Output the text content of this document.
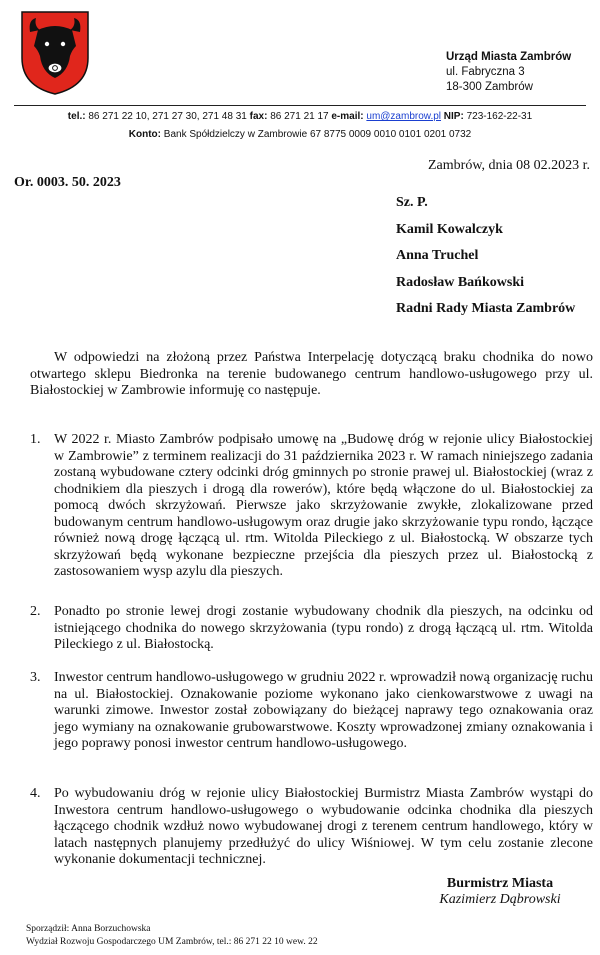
Urząd Miasta Zambrów
ul. Fabryczna 3
18-300 Zambrów
tel.: 86 271 22 10, 271 27 30, 271 48 31 fax: 86 271 21 17 e-mail: um@zambrow.pl NIP: 723-162-22-31
Konto: Bank Spółdzielczy w Zambrowie 67 8775 0009 0010 0101 0201 0732
Zambrów, dnia 08 02.2023 r.
Or. 0003. 50. 2023
Sz. P.
Kamil Kowalczyk
Anna Truchel
Radosław Bańkowski
Radni Rady Miasta Zambrów
W odpowiedzi na złożoną przez Państwa Interpelację dotyczącą braku chodnika do nowo otwartego sklepu Biedronka na terenie budowanego centrum handlowo-usługowego przy ul. Białostockiej w Zambrowie informuję co następuje.
1. W 2022 r. Miasto Zambrów podpisało umowę na „Budowę dróg w rejonie ulicy Białostockiej w Zambrowie” z terminem realizacji do 31 października 2023 r. W ramach niniejszego zadania zostaną wybudowane cztery odcinki dróg gminnych po stronie prawej ul. Białostockiej (wraz z chodnikiem dla pieszych i drogą dla rowerów), które będą włączone do ul. Białostockiej za pomocą dwóch skrzyżowań. Pierwsze jako skrzyżowanie zwykłe, zlokalizowane przed budowanym centrum handlowo-usługowym oraz drugie jako skrzyżowanie typu rondo, łączące również nową drogę łączącą ul. rtm. Witolda Pileckiego z ul. Białostocką. W obszarze tych skrzyżowań będą wykonane bezpieczne przejścia dla pieszych przez ul. Białostocką z zastosowaniem wysp azylu dla pieszych.
2. Ponadto po stronie lewej drogi zostanie wybudowany chodnik dla pieszych, na odcinku od istniejącego chodnika do nowego skrzyżowania (typu rondo) z drogą łączącą ul. rtm. Witolda Pileckiego z ul. Białostocką.
3. Inwestor centrum handlowo-usługowego w grudniu 2022 r. wprowadził nową organizację ruchu na ul. Białostockiej. Oznakowanie poziome wykonano jako cienkowarstwowe z uwagi na warunki zimowe. Inwestor został zobowiązany do bieżącej naprawy tego oznakowania oraz jego wymiany na oznakowanie grubowarstwowe. Koszty wprowadzonej zmiany oznakowania i jego poprawy ponosi inwestor centrum handlowo-usługowego.
4. Po wybudowaniu dróg w rejonie ulicy Białostockiej Burmistrz Miasta Zambrów wystąpi do Inwestora centrum handlowo-usługowego o wybudowanie odcinka chodnika dla pieszych łączącego chodnik wzdłuż nowo wybudowanej drogi z terenem centrum handlowego, który w latach następnych planujemy przedłużyć do ulicy Wiśniowej. W tym celu zostanie zlecone wykonanie dokumentacji technicznej.
Burmistrz Miasta
Kazimierz Dąbrowski
Sporządził: Anna Borzuchowska
Wydział Rozwoju Gospodarczego UM Zambrów, tel.: 86 271 22 10 wew. 22
